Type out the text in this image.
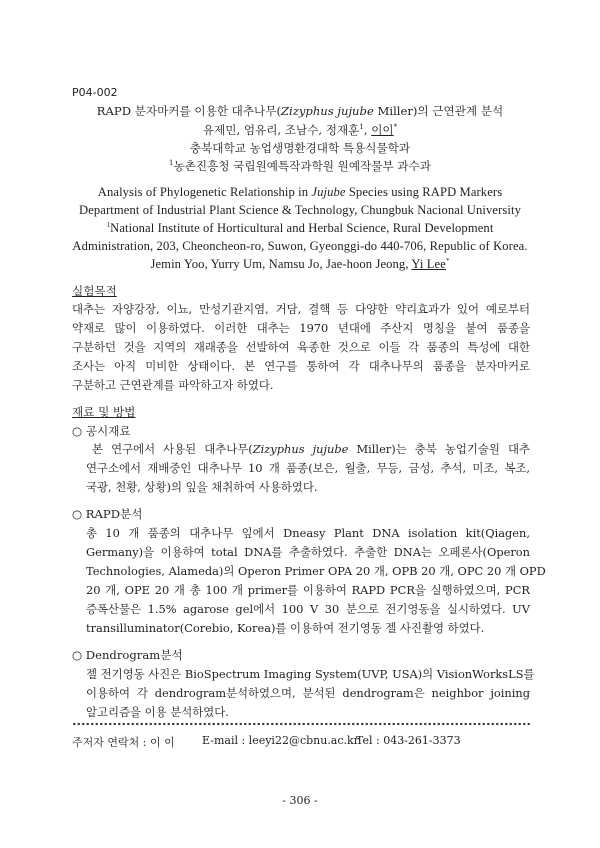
P04-002
RAPD 분자마커를 이용한 대추나무(Zizyphus jujube Miller)의 근연관계 분석
유제민, 엄유리, 조남수, 정재훈$^1$, 이이*
충북대학교 농업생명환경대학 특용식물학과
$^1$농촌진흥청 국립원예특작과학원 원예작물부 과수과
Analysis of Phylogenetic Relationship in Jujube Species using RAPD Markers
Department of Industrial Plant Science & Technology, Chungbuk Nacional University
$^1$National Institute of Horticultural and Herbal Science, Rural Development
Administration, 203, Cheoncheon-ro, Suwon, Gyeonggi-do 440-706, Republic of Korea.
Jemin Yoo, Yurry Um, Namsu Jo, Jae-hoon Jeong, Yi Lee*
실험목적
대추는 자양강장, 이뇨, 만성기관지염, 거담, 결핵 등 다양한 약리효과가 있어 예로부터
약재로 많이 이용하였다. 이러한 대추는 1970 년대에 주산지 명칭을 붙여 품종을
구분하던 것을 지역의 재래종을 선발하여 육종한 것으로 이들 각 품종의 특성에 대한
조사는 아직 미비한 상태이다. 본 연구를 통하여 각 대추나무의 품종을 분자마커로
구분하고 근연관계를 파악하고자 하였다.
재료 및 방법
○ 공시재료
본 연구에서 사용된 대추나무(Zizyphus jujube Miller)는 충북 농업기술원 대추
연구소에서 재배중인 대추나무 10 개 품종(보은, 월출, 무등, 금성, 추석, 미조, 복조,
국광, 천황, 상황)의 잎을 채취하여 사용하였다.
○ RAPD분석
총 10 개 품종의 대추나무 잎에서 Dneasy Plant DNA isolation kit(Qiagen,
Germany)을 이용하여 total DNA를 추출하였다. 추출한 DNA는 오페론사(Operon
Technologies, Alameda)의 Operon Primer OPA 20 개, OPB 20 개, OPC 20 개 OPD
20 개, OPE 20 개 총 100 개 primer를 이용하여 RAPD PCR을 실행하였으며, PCR
증폭산물은 1.5% agarose gel에서 100 V 30 분으로 전기영동을 실시하였다. UV
transilluminator(Corebio, Korea)를 이용하여 전기영동 젤 사진촬영 하였다.
○ Dendrogram분석
젤 전기영동 사진은 BioSpectrum Imaging System(UVP, USA)의 VisionWorksLS를
이용하여 각 dendrogram분석하였으며, 분석된 dendrogram은 neighbor joining
알고리즘을 이용 분석하였다.
주저자 연락처 : 이 이 E-mail : leeyi22@cbnu.ac.kr
Tel : 043-261-3373
- 306 -
